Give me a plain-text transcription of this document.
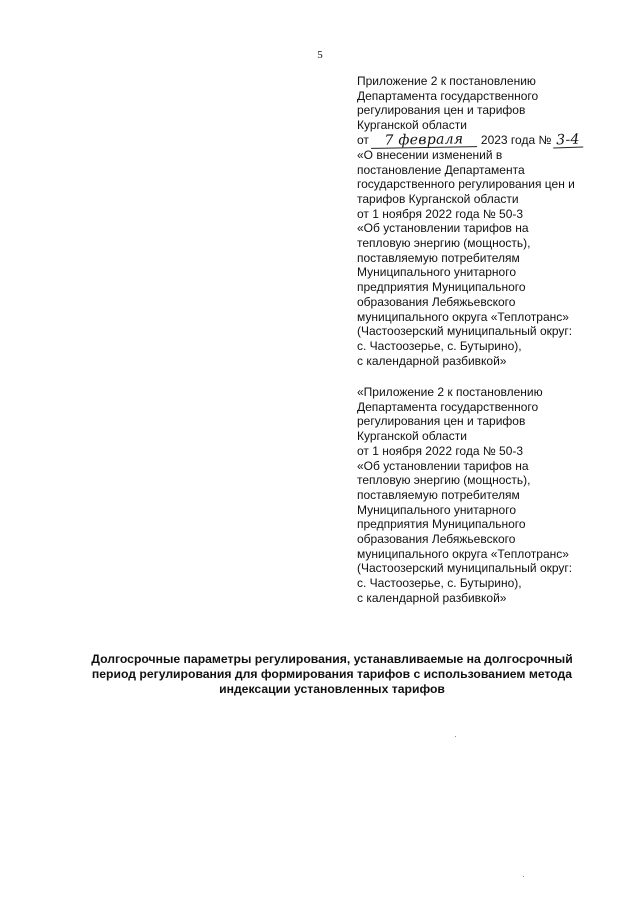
5
Приложение 2 к постановлению
Департамента государственного
регулирования цен и тарифов
Курганской области
от 7 февраля 2023 года № 3-4
«О внесении изменений в
постановление Департамента
государственного регулирования цен и
тарифов Курганской области
от 1 ноября 2022 года № 50-3
«Об установлении тарифов на
тепловую энергию (мощность),
поставляемую потребителям
Муниципального унитарного
предприятия Муниципального
образования Лебяжьевского
муниципального округа «Теплотранс»
(Частоозерский муниципальный округ:
с. Частоозерье, с. Бутырино),
с календарной разбивкой»
«Приложение 2 к постановлению
Департамента государственного
регулирования цен и тарифов
Курганской области
от 1 ноября 2022 года № 50-3
«Об установлении тарифов на
тепловую энергию (мощность),
поставляемую потребителям
Муниципального унитарного
предприятия Муниципального
образования Лебяжьевского
муниципального округа «Теплотранс»
(Частоозерский муниципальный округ:
с. Частоозерье, с. Бутырино),
с календарной разбивкой»
Долгосрочные параметры регулирования, устанавливаемые на долгосрочный
период регулирования для формирования тарифов с использованием метода
индексации установленных тарифов
